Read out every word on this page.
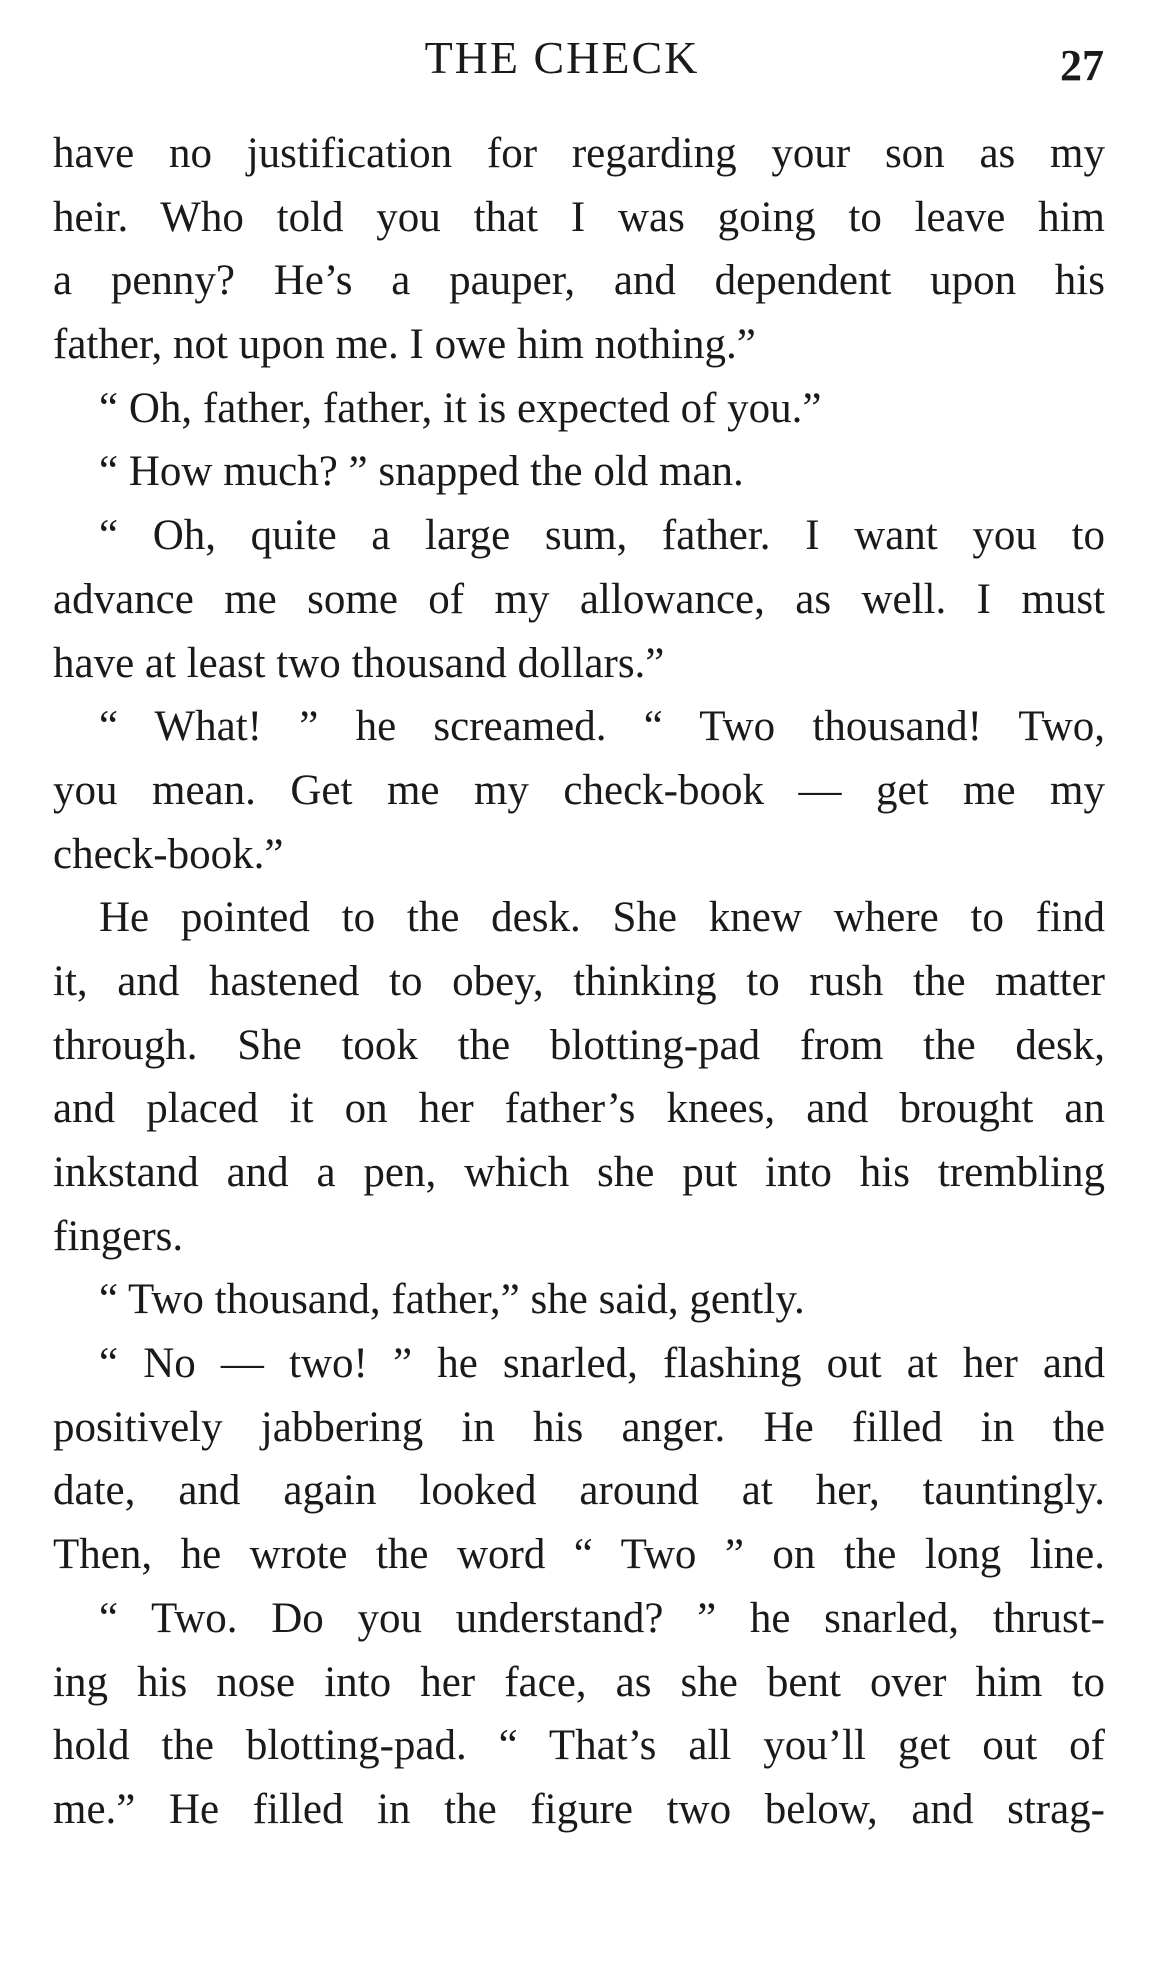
THE CHECK	27
have no justification for regarding your son as my
heir. Who told you that I was going to leave him
a penny? He’s a pauper, and dependent upon his
father, not upon me. I owe him nothing.”
“ Oh, father, father, it is expected of you.”
“ How much? ” snapped the old man.
“ Oh, quite a large sum, father. I want you to
advance me some of my allowance, as well. I must
have at least two thousand dollars.”
“ What! ” he screamed. “ Two thousand! Two,
you mean. Get me my check-book — get me my
check-book.”
He pointed to the desk. She knew where to find
it, and hastened to obey, thinking to rush the matter
through. She took the blotting-pad from the desk,
and placed it on her father’s knees, and brought an
inkstand and a pen, which she put into his trembling
fingers.
“ Two thousand, father,” she said, gently.
“ No — two! ” he snarled, flashing out at her and
positively jabbering in his anger. He filled in the
date, and again looked around at her, tauntingly.
Then, he wrote the word “ Two ” on the long line.
“ Two. Do you understand? ” he snarled, thrust-
ing his nose into her face, as she bent over him to
hold the blotting-pad. “ That’s all you’ll get out of
me.” He filled in the figure two below, and strag-
